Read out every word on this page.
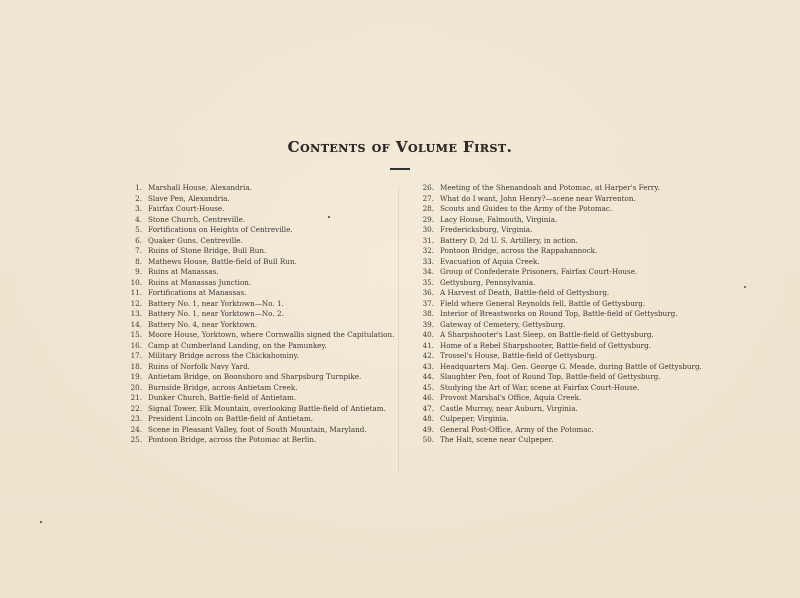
Contents of Volume First.
1. Marshall House, Alexandria.
2. Slave Pen, Alexandria.
3. Fairfax Court-House.
4. Stone Church, Centreville.
5. Fortifications on Heights of Centreville.
6. Quaker Guns, Centreville.
7. Ruins of Stone Bridge, Bull Run.
8. Mathews House, Battle-field of Bull Run.
9. Ruins at Manassas.
10. Ruins at Manassas Junction.
11. Fortifications at Manassas.
12. Battery No. 1, near Yorktown—No. 1.
13. Battery No. 1, near Yorktown—No. 2.
14. Battery No. 4, near Yorktown.
15. Moore House, Yorktown, where Cornwallis signed the Capitulation.
16. Camp at Cumberland Landing, on the Pamunkey.
17. Military Bridge across the Chickahominy.
18. Ruins of Norfolk Navy Yard.
19. Antietam Bridge, on Boonsboro and Sharpsburg Turnpike.
20. Burnside Bridge, across Antietam Creek.
21. Dunker Church, Battle-field of Antietam.
22. Signal Tower, Elk Mountain, overlooking Battle-field of Antietam.
23. President Lincoln on Battle-field of Antietam.
24. Scene in Pleasant Valley, foot of South Mountain, Maryland.
25. Pontoon Bridge, across the Potomac at Berlin.
26. Meeting of the Shenandoah and Potomac, at Harper's Ferry.
27. What do I want, John Henry?—scene near Warrenton.
28. Scouts and Guides to the Army of the Potomac.
29. Lacy House, Falmouth, Virginia.
30. Fredericksburg, Virginia.
31. Battery D, 2d U. S. Artillery, in action.
32. Pontoon Bridge, across the Rappahannock.
33. Evacuation of Aquia Creek.
34. Group of Confederate Prisoners, Fairfax Court-House.
35. Gettysburg, Pennsylvania.
36. A Harvest of Death, Battle-field of Gettysburg.
37. Field where General Reynolds fell, Battle of Gettysburg.
38. Interior of Breastworks on Round Top, Battle-field of Gettysburg.
39. Gateway of Cemetery, Gettysburg.
40. A Sharpshooter's Last Sleep, on Battle-field of Gettysburg.
41. Home of a Rebel Sharpshooter, Battle-field of Gettysburg.
42. Trossel's House, Battle-field of Gettysburg.
43. Headquarters Maj. Gen. George G. Meade, during Battle of Gettysburg.
44. Slaughter Pen, foot of Round Top, Battle-field of Gettysburg.
45. Studying the Art of War, scene at Fairfax Court-House.
46. Provost Marshal's Office, Aquia Creek.
47. Castle Murray, near Auburn, Virginia.
48. Culpeper, Virginia.
49. General Post-Office, Army of the Potomac.
50. The Halt, scene near Culpeper.
